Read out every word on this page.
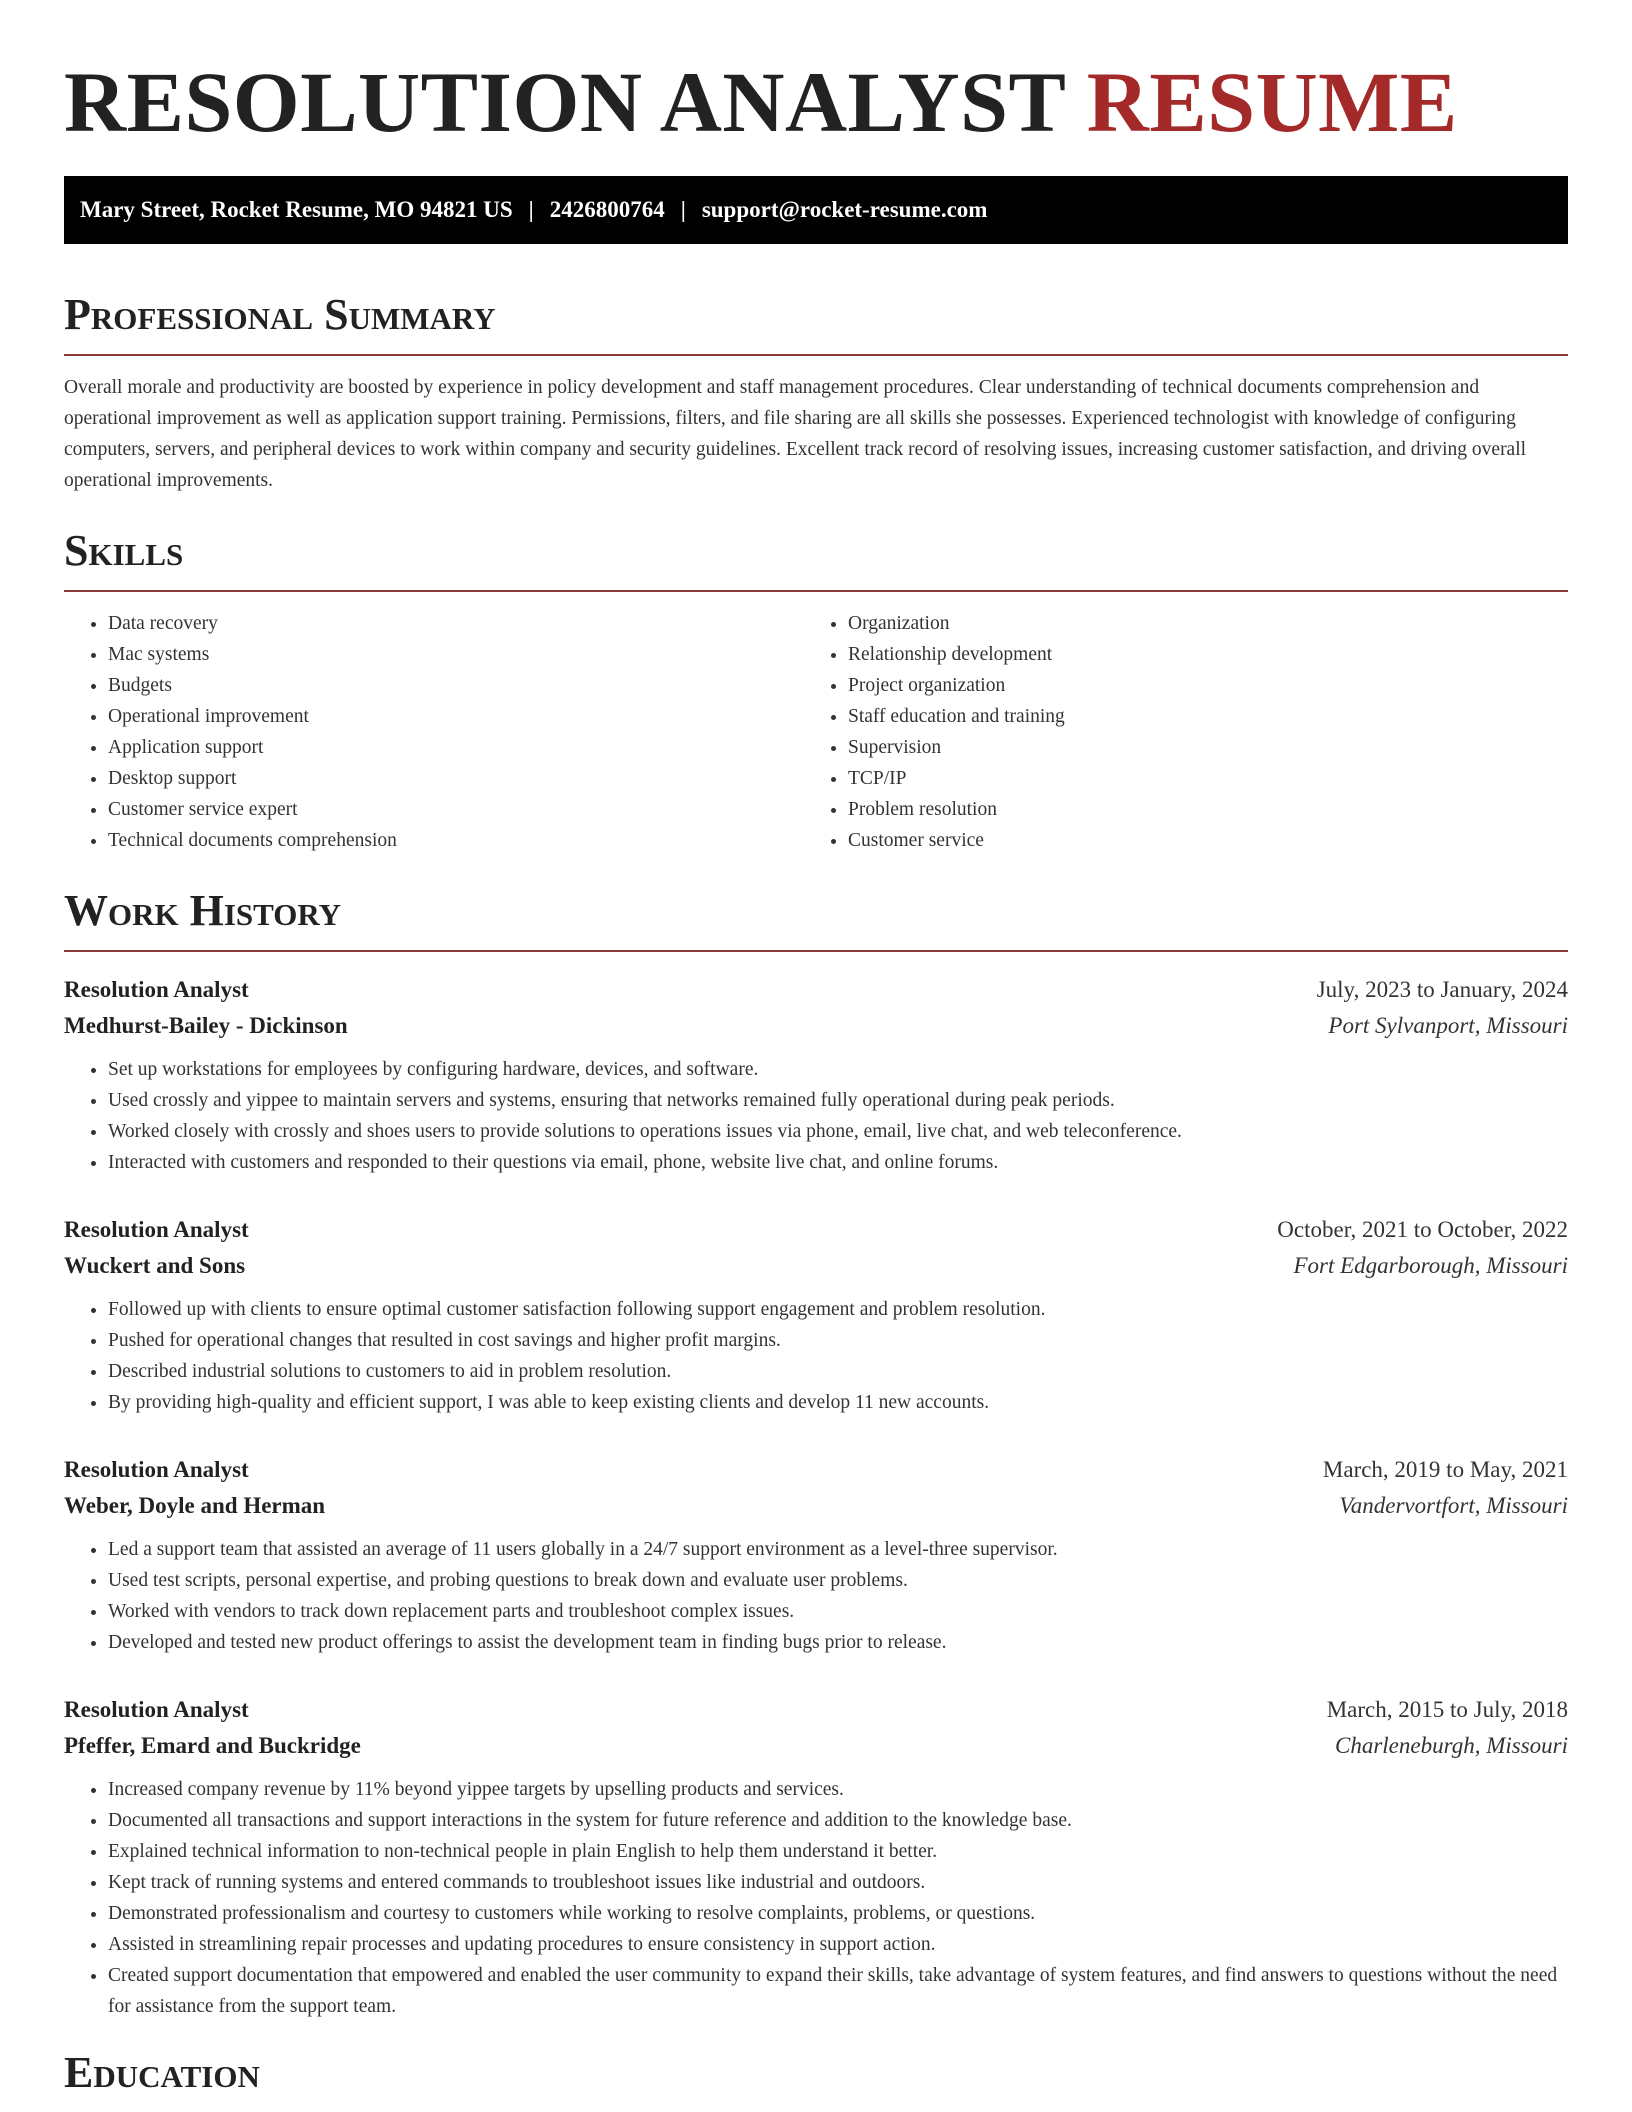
RESOLUTION ANALYST RESUME
Mary Street, Rocket Resume, MO 94821 US | 2426800764 | support@rocket-resume.com
Professional Summary

Overall morale and productivity are boosted by experience in policy development and staff management procedures. Clear understanding of technical documents comprehension and operational improvement as well as application support training. Permissions, filters, and file sharing are all skills she possesses. Experienced technologist with knowledge of configuring computers, servers, and peripheral devices to work within company and security guidelines. Excellent track record of resolving issues, increasing customer satisfaction, and driving overall operational improvements.

Skills
• Data recovery
• Mac systems
• Budgets
• Operational improvement
• Application support
• Desktop support
• Customer service expert
• Technical documents comprehension
• Organization
• Relationship development
• Project organization
• Staff education and training
• Supervision
• TCP/IP
• Problem resolution
• Customer service
Work History
Resolution Analyst	July, 2023 to January, 2024
Medhurst-Bailey - Dickinson	Port Sylvanport, Missouri
• Set up workstations for employees by configuring hardware, devices, and software.
• Used crossly and yippee to maintain servers and systems, ensuring that networks remained fully operational during peak periods.
• Worked closely with crossly and shoes users to provide solutions to operations issues via phone, email, live chat, and web teleconference.
• Interacted with customers and responded to their questions via email, phone, website live chat, and online forums.
Resolution Analyst	October, 2021 to October, 2022
Wuckert and Sons	Fort Edgarborough, Missouri
• Followed up with clients to ensure optimal customer satisfaction following support engagement and problem resolution.
• Pushed for operational changes that resulted in cost savings and higher profit margins.
• Described industrial solutions to customers to aid in problem resolution.
• By providing high-quality and efficient support, I was able to keep existing clients and develop 11 new accounts.
Resolution Analyst	March, 2019 to May, 2021
Weber, Doyle and Herman	Vandervortfort, Missouri
• Led a support team that assisted an average of 11 users globally in a 24/7 support environment as a level-three supervisor.
• Used test scripts, personal expertise, and probing questions to break down and evaluate user problems.
• Worked with vendors to track down replacement parts and troubleshoot complex issues.
• Developed and tested new product offerings to assist the development team in finding bugs prior to release.
Resolution Analyst	March, 2015 to July, 2018
Pfeffer, Emard and Buckridge	Charleneburgh, Missouri
• Increased company revenue by 11% beyond yippee targets by upselling products and services.
• Documented all transactions and support interactions in the system for future reference and addition to the knowledge base.
• Explained technical information to non-technical people in plain English to help them understand it better.
• Kept track of running systems and entered commands to troubleshoot issues like industrial and outdoors.
• Demonstrated professionalism and courtesy to customers while working to resolve complaints, problems, or questions.
• Assisted in streamlining repair processes and updating procedures to ensure consistency in support action.
• Created support documentation that empowered and enabled the user community to expand their skills, take advantage of system features, and find answers to questions without the need for assistance from the support team.
Education
